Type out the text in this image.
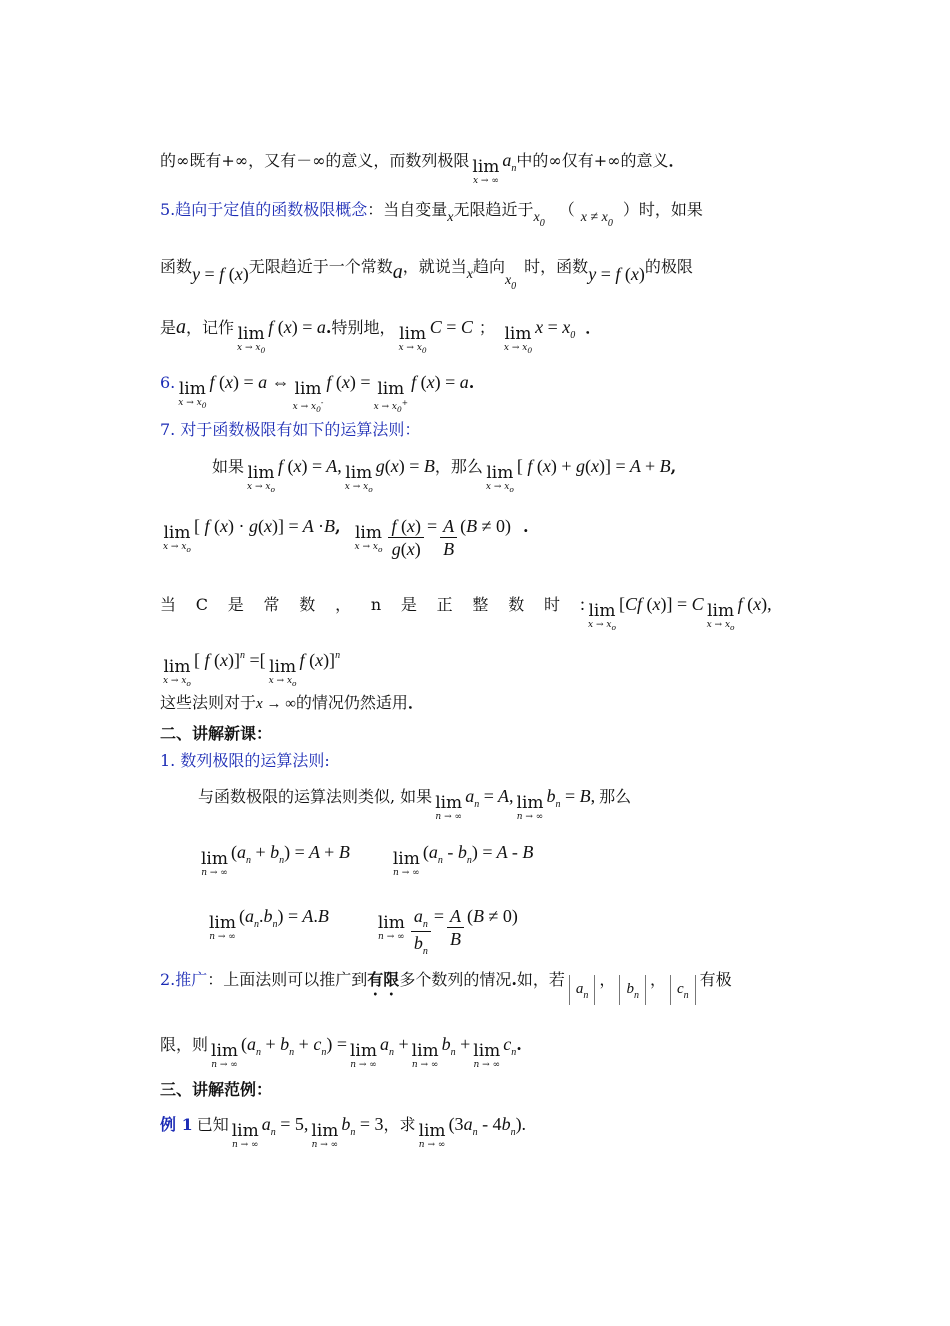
的∞既有+∞，又有－∞的意义，而数列极限 lim
x → ∞
$a_n$ 中的∞仅有+∞的意义 ．
5. 趋向于定值的函数极限概念 ：当自变量 x 无限趋近于 $x_0$
（ $x \ne x_0$
）时，如果
函数 y = f (x) 无限趋近于一个常数 a ，就说当 x 趋向
$x_0$
时，函数 y = f (x) 的极限
是 a ，记作 lim
$x \to x_0$
f (x) = a . 特别地， lim
$x \to x_0$
C = C ； lim
$x \to x_0$
$x = x_0$ ．
6. lim
$x \to x_0$
f (x) = a ⇔ lim
$x \to x_0^-$
f (x) = lim
$x \to x_0^+$
f (x) = a .
7. 对于函数极限有如下的运算法则：
如果 lim
$x \to x_o$
f (x) = A, lim
$x \to x_o$
g(x) = B ，那么 lim
$x \to x_o$
[ f (x) + g(x)] = A + B ,
lim
$x \to x_o$
[ f (x) · g(x)] = A ·B , lim
$x \to x_o \frac{f (x)}{g(x)} = \frac{A}{B} (B \ne 0)$ .
当 C 是 常 数 ， n 是 正 整 数 时 : lim
$x \to x_o$
[Cf (x)] = C lim
$x \to x_o$
f (x),
lim
$x \to x_o$
[ f (x)]$^n$ =[ lim
$x \to x_o$
f (x)]$^n$
这些法则对于 x → ∞ 的情况仍然适用 ．
二、讲解新课：
1. 数列极限的运算法则:
与函数极限的运算法则类似, 如果 lim
n → ∞
$a_n = A$, lim
n → ∞
$b_n = B$, 那么
lim
n → ∞
$(a_n + b_n) = A + B$	lim
n → ∞
$(a_n - b_n) = A - B$
lim
n → ∞
$(a_n.b_n) = A.B$	lim
n → ∞ $\frac{a_n}{b_n} = \frac{A}{B} (B \ne 0)$
2.推广 ：上面法则可以推广到 有限 多个数列的情况 . 如，若 $a_n$
， $b_n$
， $c_n$
有极
限，则 lim
n → ∞
$(a_n + b_n + c_n) = \lim$
n → ∞
$a_n + \lim$
n → ∞
$b_n + \lim$
n → ∞
$c_n$ .
三、讲解范例：
例 1 已知 lim
n → ∞
$a_n = 5$, lim
n → ∞
$b_n = 3$ ，求 lim
n → ∞
$(3a_n - 4b_n)$.
